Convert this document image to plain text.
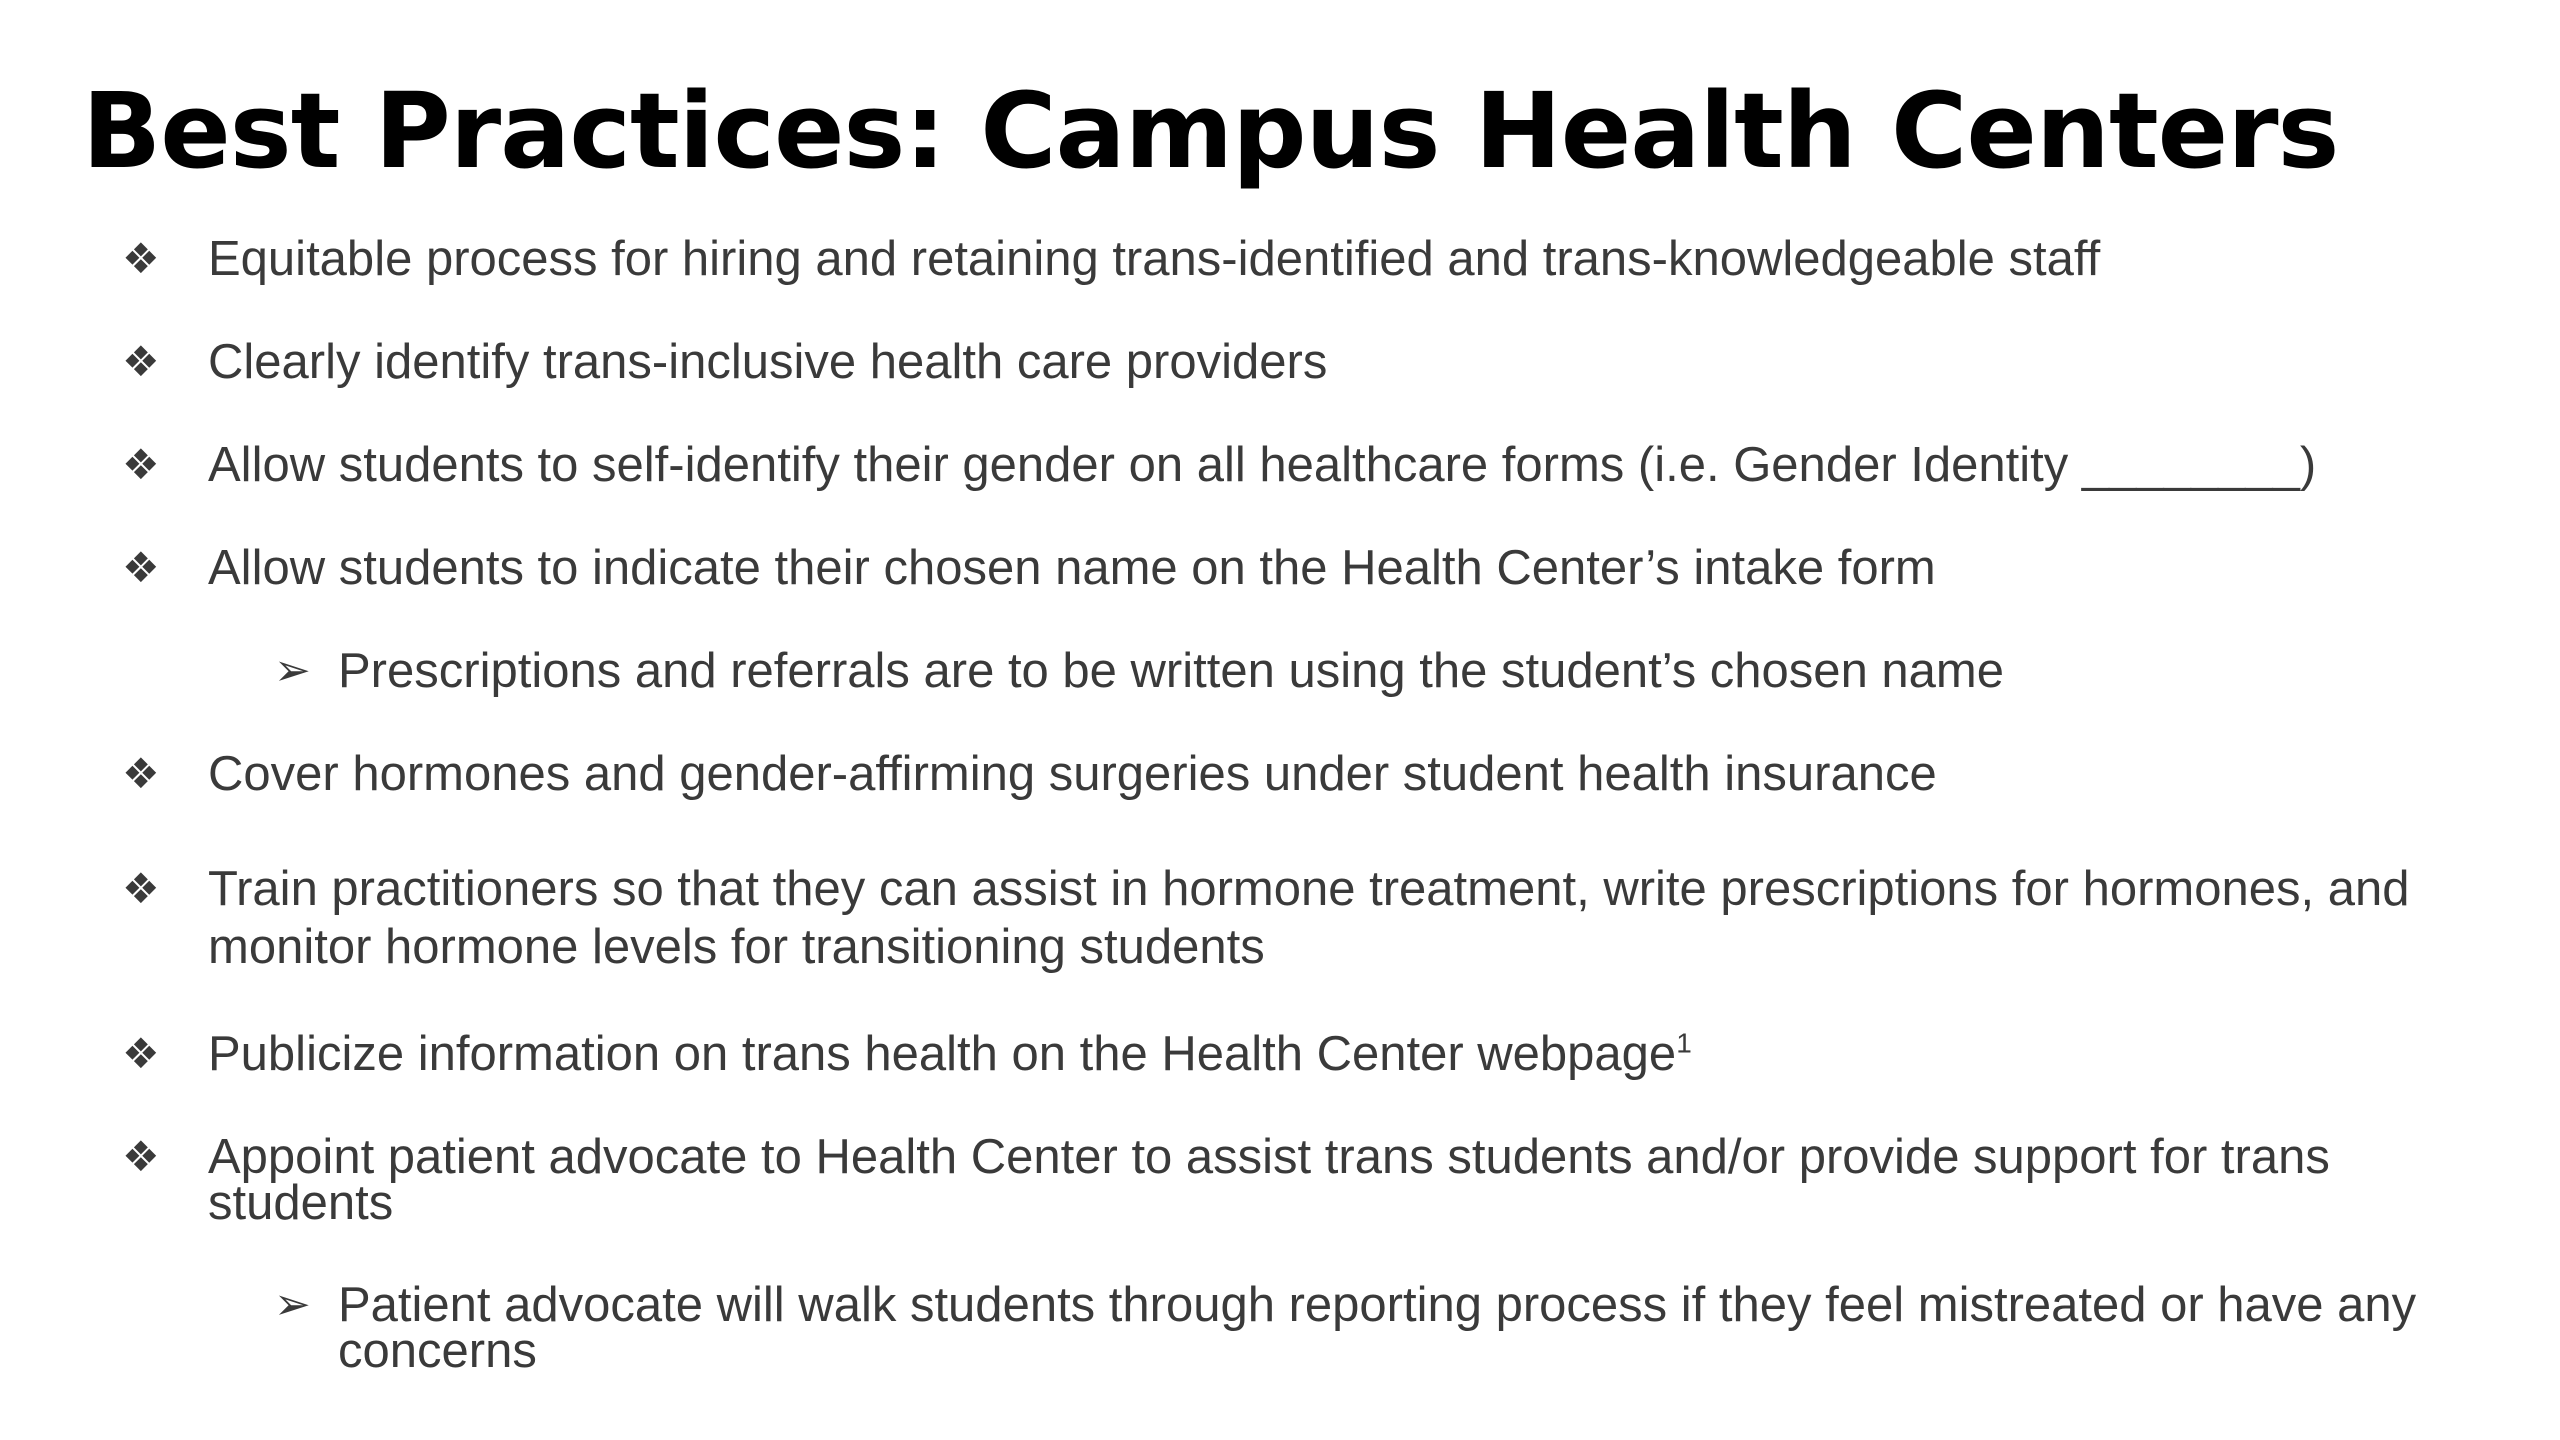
Best Practices: Campus Health Centers
❖ Equitable process for hiring and retaining trans-identified and trans-knowledgeable staff
❖ Clearly identify trans-inclusive health care providers
❖ Allow students to self-identify their gender on all healthcare forms (i.e. Gender Identity ________)
❖ Allow students to indicate their chosen name on the Health Center’s intake form
➢ Prescriptions and referrals are to be written using the student’s chosen name
❖ Cover hormones and gender-affirming surgeries under student health insurance
❖ Train practitioners so that they can assist in hormone treatment, write prescriptions for hormones, and monitor hormone levels for transitioning students
❖ Publicize information on trans health on the Health Center webpage$^1$
❖ Appoint patient advocate to Health Center to assist trans students and/or provide support for trans students
➢ Patient advocate will walk students through reporting process if they feel mistreated or have any concerns
